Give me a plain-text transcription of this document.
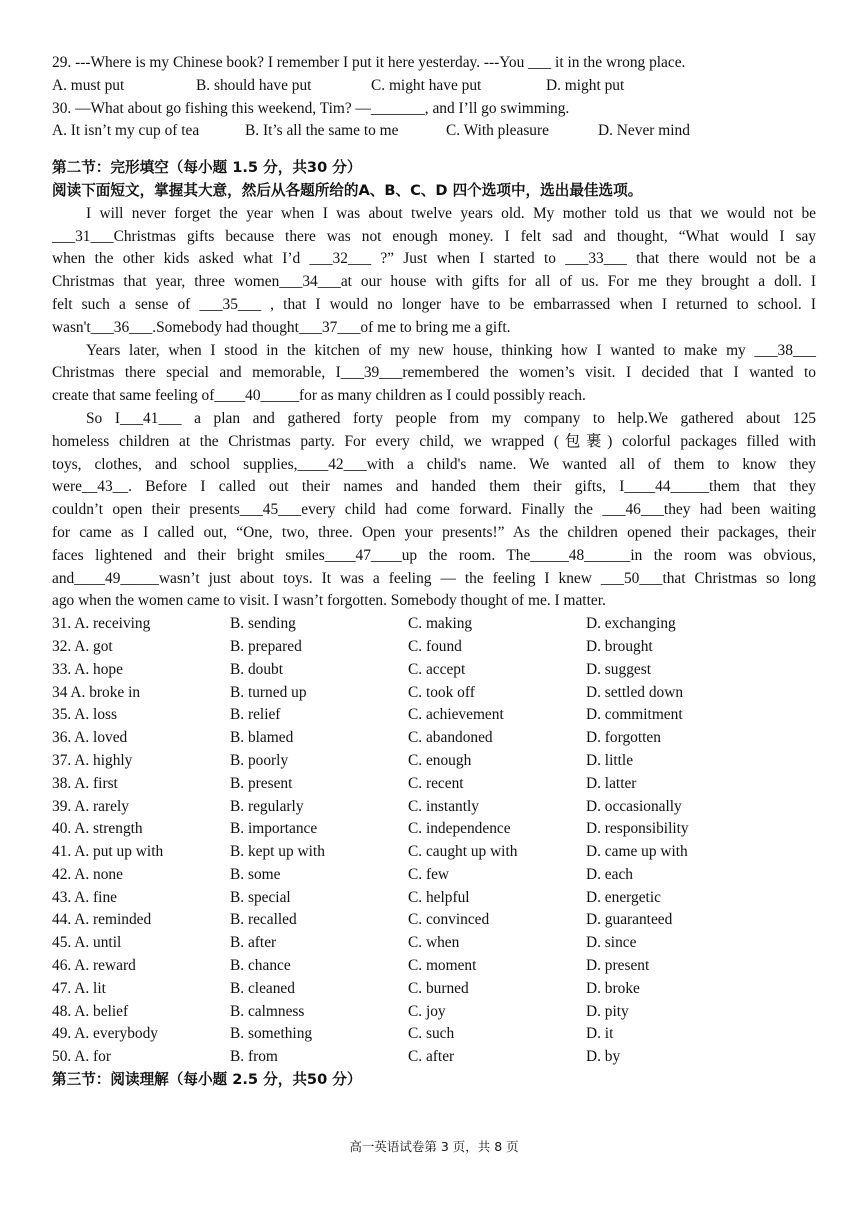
29. ---Where is my Chinese book? I remember I put it here yesterday. ---You ___ it in the wrong place.
A. must put	B. should have put	C. might have put	D. might put
30. —What about go fishing this weekend, Tim? —_______, and I’ll go swimming.
A. It isn’t my cup of tea	B. It’s all the same to me	C. With pleasure	D. Never mind
第二节：完形填空（每小题 1.5 分，共30 分）
阅读下面短文，掌握其大意，然后从各题所给的A、B、C、D 四个选项中，选出最佳选项。
I will never forget the year when I was about twelve years old. My mother told us that we would not be
___31___Christmas gifts because there was not enough money. I felt sad and thought, “What would I say
when the other kids asked what I’d ___32___ ?” Just when I started to ___33___ that there would not be a
Christmas that year, three women___34___at our house with gifts for all of us. For me they brought a doll. I
felt such a sense of ___35___ , that I would no longer have to be embarrassed when I returned to school. I
wasn't___36___.Somebody had thought___37___of me to bring me a gift.
Years later, when I stood in the kitchen of my new house, thinking how I wanted to make my ___38___
Christmas there special and memorable, I___39___remembered the women’s visit. I decided that I wanted to
create that same feeling of____40_____for as many children as I could possibly reach.
So I___41___ a plan and gathered forty people from my company to help.We gathered about 125
homeless children at the Christmas party. For every child, we wrapped (包裹) colorful packages filled with
toys, clothes, and school supplies,____42___with a child's name. We wanted all of them to know they
were__43__. Before I called out their names and handed them their gifts, I____44_____them that they
couldn’t open their presents___45___every child had come forward. Finally the ___46___they had been waiting
for came as I called out, “One, two, three. Open your presents!” As the children opened their packages, their
faces lightened and their bright smiles____47____up the room. The_____48______in the room was obvious,
and____49_____wasn’t just about toys. It was a feeling — the feeling I knew ___50___that Christmas so long
ago when the women came to visit. I wasn’t forgotten. Somebody thought of me. I matter.
31. A. receiving	B. sending	C. making	D. exchanging
32. A. got	B. prepared	C. found	D. brought
33. A. hope	B. doubt	C. accept	D. suggest
34 A. broke in	B. turned up	C. took off	D. settled down
35. A. loss	B. relief	C. achievement	D. commitment
36. A. loved	B. blamed	C. abandoned	D. forgotten
37. A. highly	B. poorly	C. enough	D. little
38. A. first	B. present	C. recent	D. latter
39. A. rarely	B. regularly	C. instantly	D. occasionally
40. A. strength	B. importance	C. independence	D. responsibility
41. A. put up with	B. kept up with	C. caught up with	D. came up with
42. A. none	B. some	C. few	D. each
43. A. fine	B. special	C. helpful	D. energetic
44. A. reminded	B. recalled	C. convinced	D. guaranteed
45. A. until	B. after	C. when	D. since
46. A. reward	B. chance	C. moment	D. present
47. A. lit	B. cleaned	C. burned	D. broke
48. A. belief	B. calmness	C. joy	D. pity
49. A. everybody	B. something	C. such	D. it
50. A. for	B. from	C. after	D. by
第三节：阅读理解（每小题 2.5 分，共50 分）
高一英语试卷第 3 页，共 8 页
